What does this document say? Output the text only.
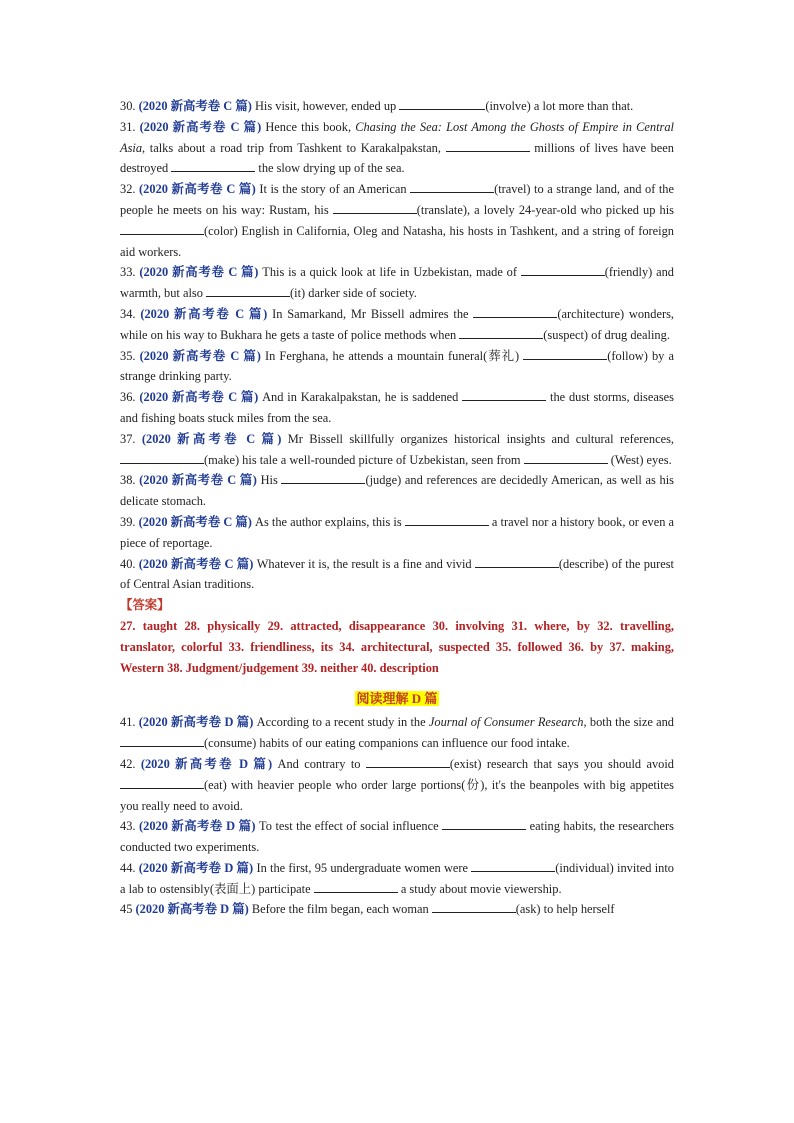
30. (2020 新高考卷 C 篇) His visit, however, ended up	(involve) a lot more than that.

31. (2020 新高考卷 C 篇) Hence this book, Chasing the Sea: Lost Among the Ghosts of Empire in Central Asia, talks about a road trip from Tashkent to Karakalpakstan,	millions of lives have been destroyed	the slow drying up of the sea.

32. (2020 新高考卷 C 篇) It is the story of an American	(travel) to a strange land, and of the people he meets on his way: Rustam, his	(translate), a lovely 24-year-old who picked up his (color) English in California, Oleg and Natasha, his hosts in Tashkent, and a string of foreign aid workers.

33. (2020 新高考卷 C 篇) This is a quick look at life in Uzbekistan, made of	(friendly) and warmth, but also	(it) darker side of society.

34. (2020 新高考卷 C 篇) In Samarkand, Mr Bissell admires the	(architecture) wonders, while on his way to Bukhara he gets a taste of police methods when	(suspect) of drug dealing.

35. (2020 新高考卷 C 篇) In Ferghana, he attends a mountain funeral(葬礼)	(follow) by a strange drinking party.

36. (2020 新高考卷 C 篇) And in Karakalpakstan, he is saddened	the dust storms, diseases and fishing boats stuck miles from the sea.

37. (2020 新高考卷 C 篇) Mr Bissell skillfully organizes historical insights and cultural references, (make) his tale a well-rounded picture of Uzbekistan, seen from	(West) eyes.

38. (2020 新高考卷 C 篇) His	(judge) and references are decidedly American, as well as his delicate stomach.

39. (2020 新高考卷 C 篇) As the author explains, this is	a travel nor a history book, or even a piece of reportage.

40. (2020 新高考卷 C 篇) Whatever it is, the result is a fine and vivid	(describe) of the purest of Central Asian traditions.

【答案】

27. taught 28. physically 29. attracted, disappearance 30. involving 31. where, by 32. travelling, translator, colorful 33. friendliness, its 34. architectural, suspected 35. followed 36. by 37. making, Western 38. Judgment/judgement 39. neither 40. description

阅读理解 D 篇

41. (2020 新高考卷 D 篇) According to a recent study in the Journal of Consumer Research, both the size and (consume) habits of our eating companions can influence our food intake.

42. (2020 新高考卷 D 篇) And contrary to	(exist) research that says you should avoid (eat) with heavier people who order large portions(份), it's the beanpoles with big appetites you really need to avoid.

43. (2020 新高考卷 D 篇) To test the effect of social influence	eating habits, the researchers conducted two experiments.

44. (2020 新高考卷 D 篇) In the first, 95 undergraduate women were	(individual) invited into a lab to ostensibly(表面上) participate	a study about movie viewership.

45 (2020 新高考卷 D 篇) Before the film began, each woman	(ask) to help herself
